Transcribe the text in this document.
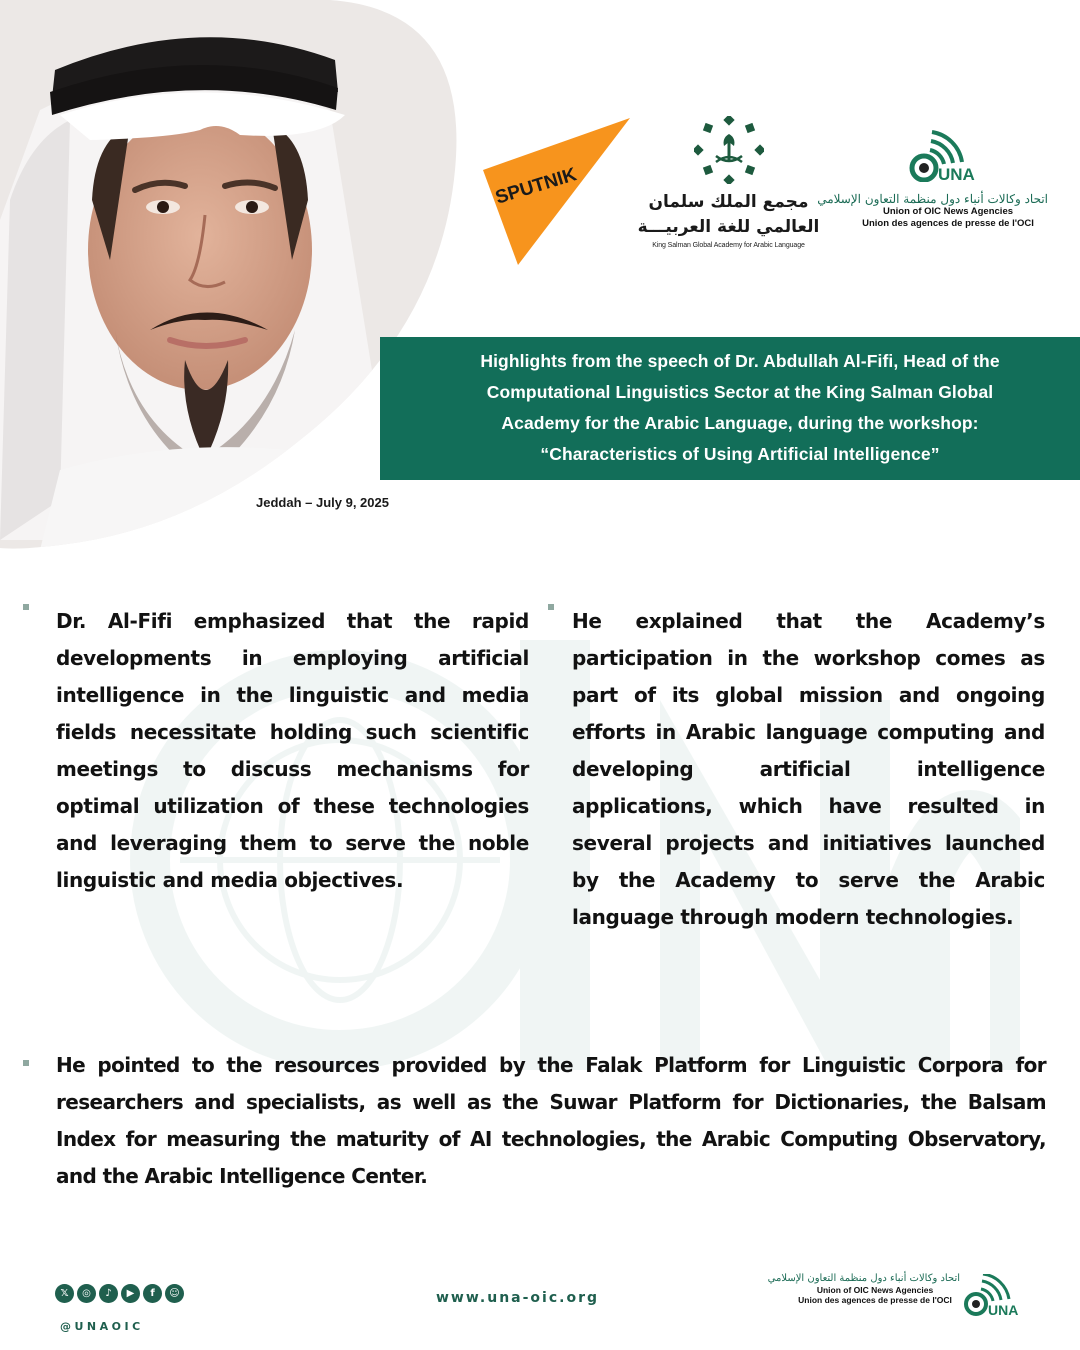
SPUTNIK	مجمع الملك سلمان
العالمي للغة العربيـــة
King Salman Global Academy for Arabic Language
UNA
اتحاد وكالات أنباء دول منظمة التعاون الإسلامي
Union of OIC News Agencies
Union des agences de presse de l'OCI
Highlights from the speech of Dr. Abdullah Al-Fifi, Head of the
Computational Linguistics Sector at the King Salman Global
Academy for the Arabic Language, during the workshop:
“Characteristics of Using Artificial Intelligence”
Jeddah – July 9, 2025
Dr. Al-Fifi emphasized that the rapid developments in employing artificial intelligence in the linguistic and media fields necessitate holding such scientific meetings to discuss mechanisms for optimal utilization of these technologies and leveraging them to serve the noble linguistic and media objectives.
He explained that the Academy’s participation in the workshop comes as part of its global mission and ongoing efforts in Arabic language computing and developing artificial intelligence applications, which have resulted in several projects and initiatives launched by the Academy to serve the Arabic language through modern technologies.
He pointed to the resources provided by the Falak Platform for Linguistic Corpora for researchers and specialists, as well as the Suwar Platform for Dictionaries, the Balsam Index for measuring the maturity of AI technologies, the Arabic Computing Observatory, and the Arabic Intelligence Center.
𝕏	◎	♪	▶	f	☺
@UNAOIC
www.una-oic.org
اتحاد وكالات أنباء دول منظمة التعاون الإسلامي
Union of OIC News Agencies
Union des agences de presse de l'OCI
UNA
